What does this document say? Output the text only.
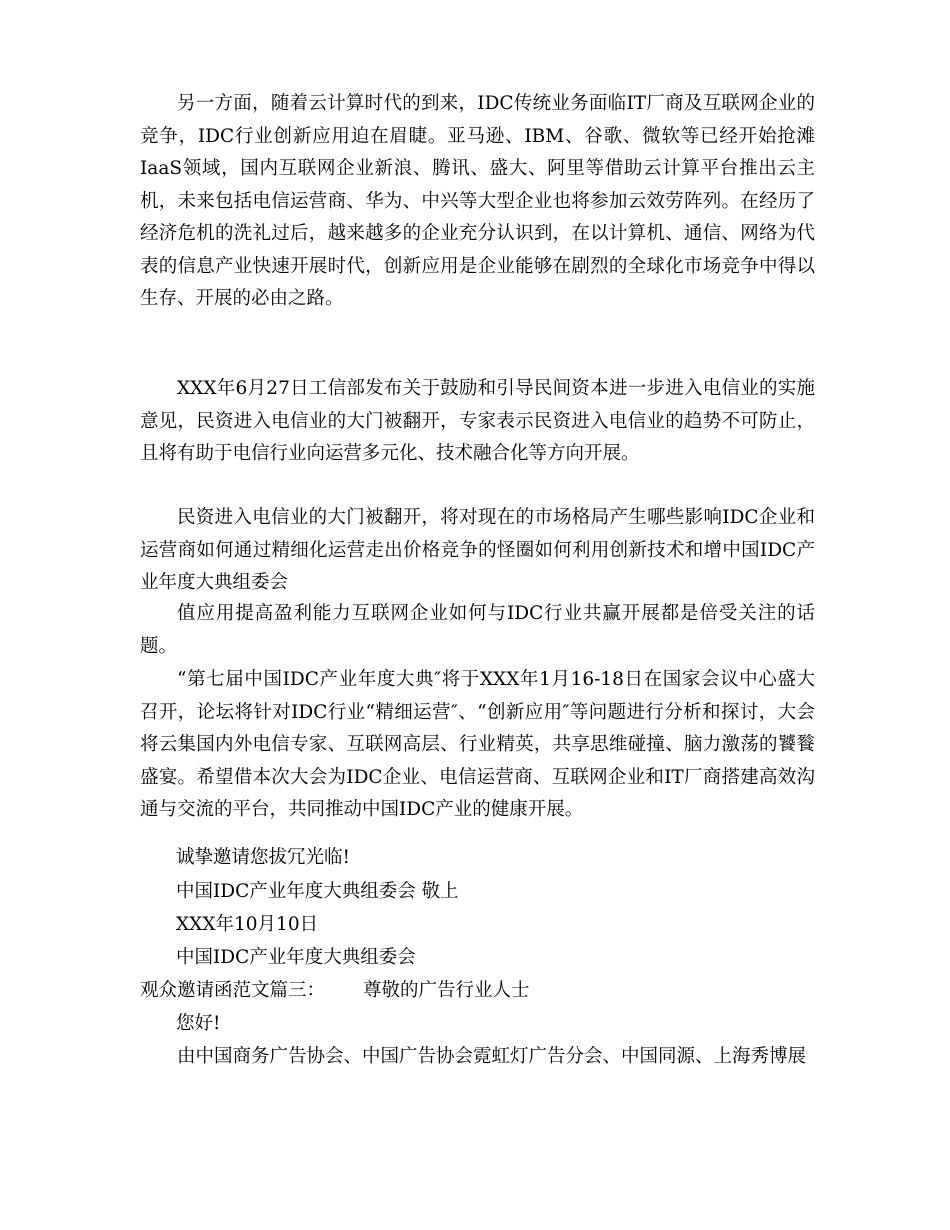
另一方面，随着云计算时代的到来，IDC传统业务面临IT厂商及互联网企业的竞争，IDC行业创新应用迫在眉睫。亚马逊、IBM、谷歌、微软等已经开始抢滩IaaS领域，国内互联网企业新浪、腾讯、盛大、阿里等借助云计算平台推出云主机，未来包括电信运营商、华为、中兴等大型企业也将参加云效劳阵列。在经历了经济危机的洗礼过后，越来越多的企业充分认识到，在以计算机、通信、网络为代表的信息产业快速开展时代，创新应用是企业能够在剧烈的全球化市场竞争中得以生存、开展的必由之路。

XXX年6月27日工信部发布关于鼓励和引导民间资本进一步进入电信业的实施意见，民资进入电信业的大门被翻开，专家表示民资进入电信业的趋势不可防止，且将有助于电信行业向运营多元化、技术融合化等方向开展。

民资进入电信业的大门被翻开，将对现在的市场格局产生哪些影响IDC企业和运营商如何通过精细化运营走出价格竞争的怪圈如何利用创新技术和增中国IDC产业年度大典组委会

值应用提高盈利能力互联网企业如何与IDC行业共赢开展都是倍受关注的话题。

“第七届中国IDC产业年度大典″将于XXX年1月16-18日在国家会议中心盛大召开，论坛将针对IDC行业“精细运营″、“创新应用″等问题进行分析和探讨，大会将云集国内外电信专家、互联网高层、行业精英，共享思维碰撞、脑力激荡的饕餮盛宴。希望借本次大会为IDC企业、电信运营商、互联网企业和IT厂商搭建高效沟通与交流的平台，共同推动中国IDC产业的健康开展。

诚挚邀请您拔冗光临!

中国IDC产业年度大典组委会 敬上

XXX年10月10日

中国IDC产业年度大典组委会

观众邀请函范文篇三： 尊敬的广告行业人士

您好!

由中国商务广告协会、中国广告协会霓虹灯广告分会、中国同源、上海秀博展
